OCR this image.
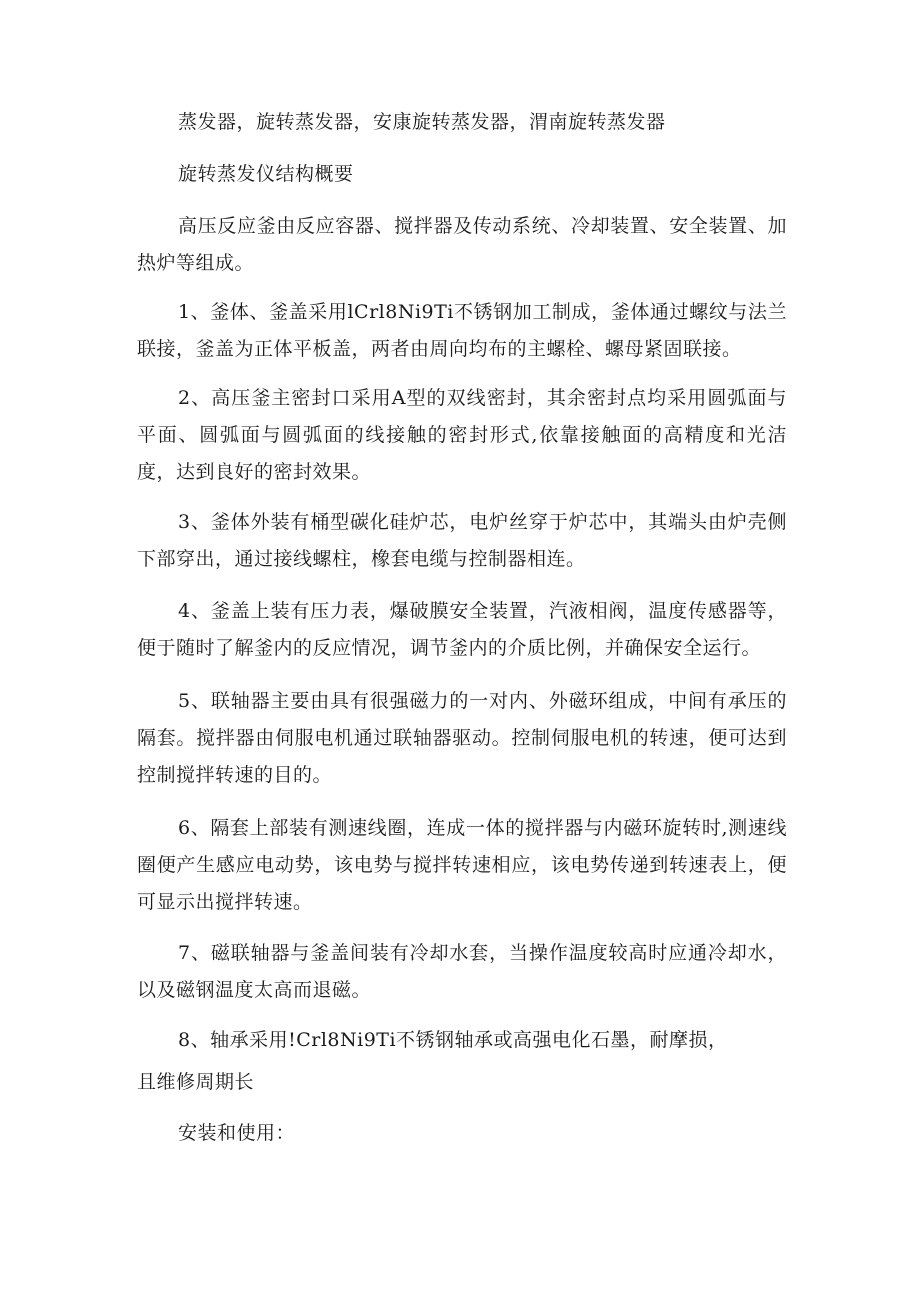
蒸发器，旋转蒸发器，安康旋转蒸发器，渭南旋转蒸发器

旋转蒸发仪结构概要

高压反应釜由反应容器、搅拌器及传动系统、冷却装置、安全装置、加热炉等组成。

1、釜体、釜盖采用lCrl8Ni9Ti不锈钢加工制成，釜体通过螺纹与法兰联接，釜盖为正体平板盖，两者由周向均布的主螺栓、螺母紧固联接。

2、高压釜主密封口采用A型的双线密封，其余密封点均采用圆弧面与平面、圆弧面与圆弧面的线接触的密封形式,依靠接触面的高精度和光洁度，达到良好的密封效果。

3、釜体外装有桶型碳化硅炉芯，电炉丝穿于炉芯中，其端头由炉壳侧下部穿出，通过接线螺柱，橡套电缆与控制器相连。

4、釜盖上装有压力表，爆破膜安全装置，汽液相阀，温度传感器等，便于随时了解釜内的反应情况，调节釜内的介质比例，并确保安全运行。

5、联轴器主要由具有很强磁力的一对内、外磁环组成，中间有承压的隔套。搅拌器由伺服电机通过联轴器驱动。控制伺服电机的转速，便可达到控制搅拌转速的目的。

6、隔套上部装有测速线圈，连成一体的搅拌器与内磁环旋转时,测速线圈便产生感应电动势，该电势与搅拌转速相应，该电势传递到转速表上，便可显示出搅拌转速。

7、磁联轴器与釜盖间装有冷却水套，当操作温度较高时应通冷却水，以及磁钢温度太高而退磁。

8、轴承采用!Crl8Ni9Ti不锈钢轴承或高强电化石墨，耐摩损，

且维修周期长

安装和使用：
